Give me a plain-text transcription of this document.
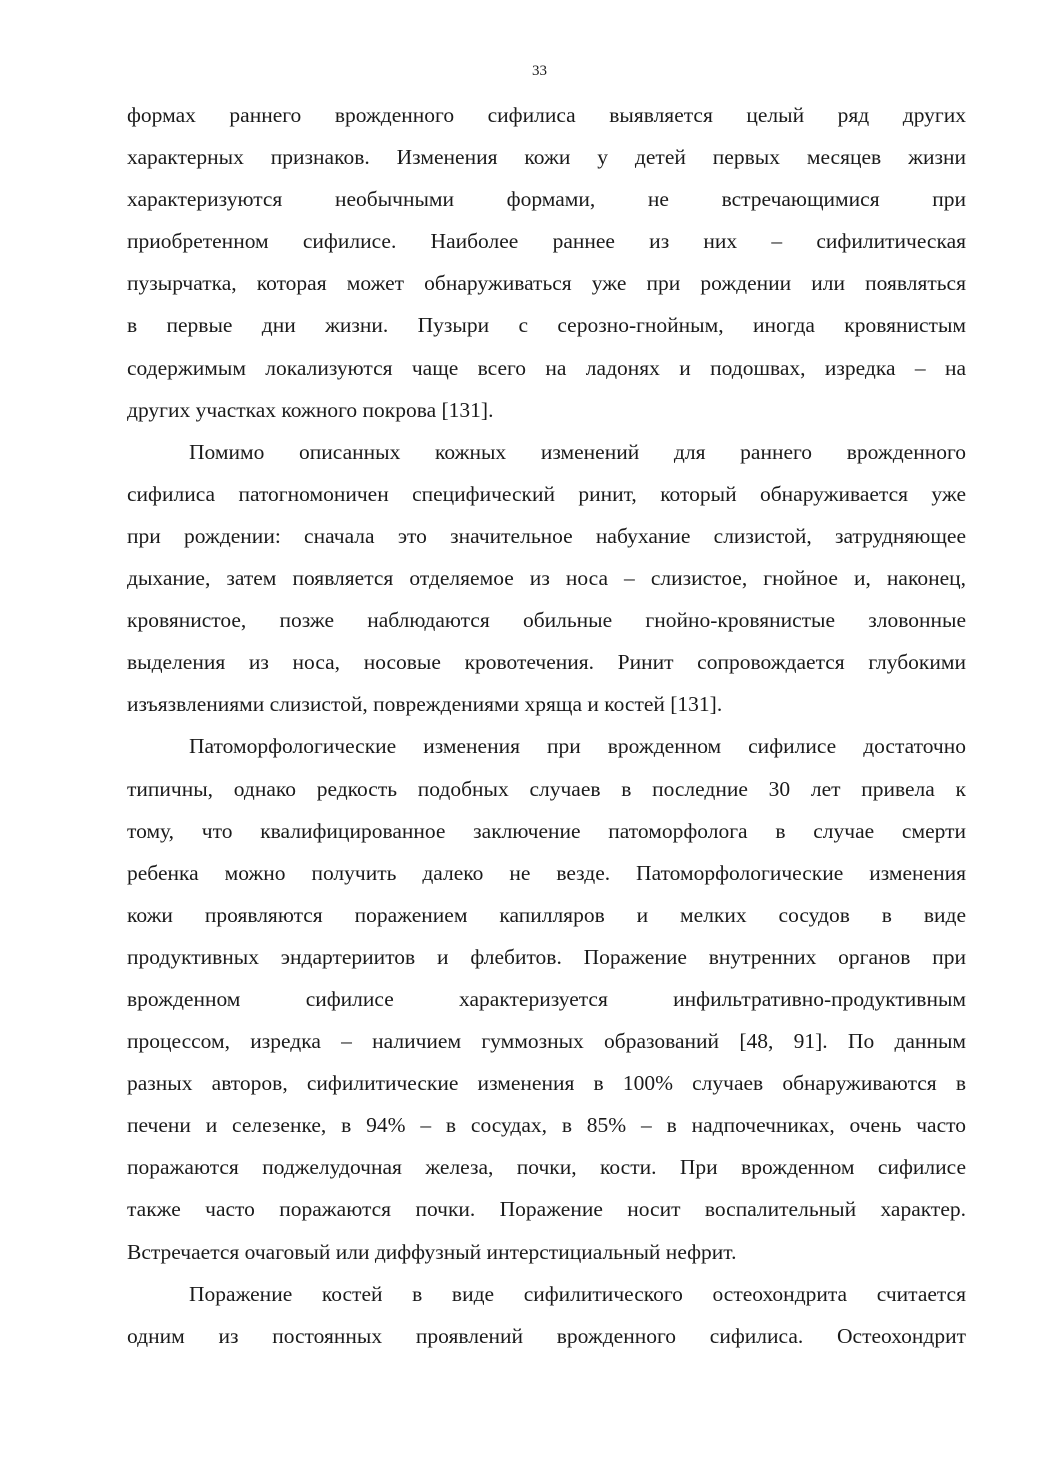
33

формах раннего врожденного сифилиса выявляется целый ряд других
характерных признаков. Изменения кожи у детей первых месяцев жизни
характеризуются необычными формами, не встречающимися при
приобретенном сифилисе. Наиболее раннее из них – сифилитическая
пузырчатка, которая может обнаруживаться уже при рождении или появляться
в первые дни жизни. Пузыри с серозно-гнойным, иногда кровянистым
содержимым локализуются чаще всего на ладонях и подошвах, изредка – на
других участках кожного покрова [131].

Помимо описанных кожных изменений для раннего врожденного
сифилиса патогномоничен специфический ринит, который обнаруживается уже
при рождении: сначала это значительное набухание слизистой, затрудняющее
дыхание, затем появляется отделяемое из носа – слизистое, гнойное и, наконец,
кровянистое, позже наблюдаются обильные гнойно-кровянистые зловонные
выделения из носа, носовые кровотечения. Ринит сопровождается глубокими
изъязвлениями слизистой, повреждениями хряща и костей [131].

Патоморфологические изменения при врожденном сифилисе достаточно
типичны, однако редкость подобных случаев в последние 30 лет привела к
тому, что квалифицированное заключение патоморфолога в случае смерти
ребенка можно получить далеко не везде. Патоморфологические изменения
кожи проявляются поражением капилляров и мелких сосудов в виде
продуктивных эндартериитов и флебитов. Поражение внутренних органов при
врожденном сифилисе характеризуется инфильтративно-продуктивным
процессом, изредка – наличием гуммозных образований [48, 91]. По данным
разных авторов, сифилитические изменения в 100% случаев обнаруживаются в
печени и селезенке, в 94% – в сосудах, в 85% – в надпочечниках, очень часто
поражаются поджелудочная железа, почки, кости. При врожденном сифилисе
также часто поражаются почки. Поражение носит воспалительный характер.
Встречается очаговый или диффузный интерстициальный нефрит.

Поражение костей в виде сифилитического остеохондрита считается
одним из постоянных проявлений врожденного сифилиса. Остеохондрит
